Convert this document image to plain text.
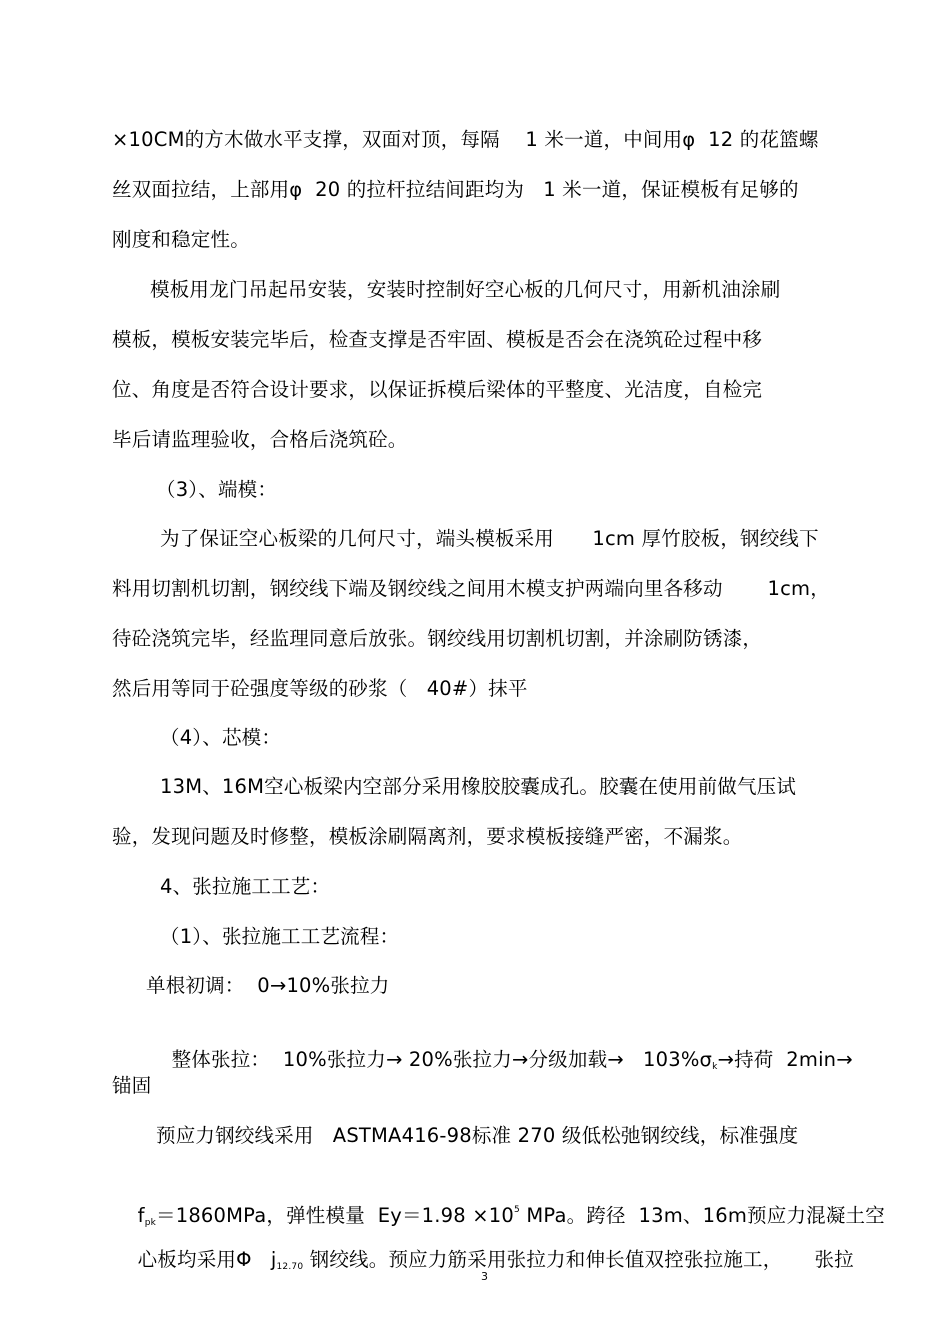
×10CM的方木做水平支撑，双面对顶，每隔    1 米一道，中间用φ  12 的花篮螺
丝双面拉结，上部用φ  20 的拉杆拉结间距均为   1 米一道，保证模板有足够的
刚度和稳定性。
模板用龙门吊起吊安装，安装时控制好空心板的几何尺寸，用新机油涂刷
模板，模板安装完毕后，检查支撑是否牢固、模板是否会在浇筑砼过程中移
位、角度是否符合设计要求，以保证拆模后梁体的平整度、光洁度，自检完
毕后请监理验收，合格后浇筑砼。
（3）、端模：
为了保证空心板梁的几何尺寸，端头模板采用      1cm 厚竹胶板，钢绞线下
料用切割机切割，钢绞线下端及钢绞线之间用木模支护两端向里各移动       1cm，
待砼浇筑完毕，经监理同意后放张。钢绞线用切割机切割，并涂刷防锈漆，
然后用等同于砼强度等级的砂浆（   40#）抹平
（4）、芯模：
13M、16M空心板梁内空部分采用橡胶胶囊成孔。胶囊在使用前做气压试
验，发现问题及时修整，模板涂刷隔离剂，要求模板接缝严密，不漏浆。
4、张拉施工工艺：
（1）、张拉施工工艺流程：
单根初调：  0→10%张拉力

整体张拉：  10%张拉力→ 20%张拉力→分级加载→   $103\%\sigma_k\to$持荷  2min→

锚固
预应力钢绞线采用   ASTMA416-98标准 270 级低松弛钢绞线，标准强度

$f_{pk}=1860MPa$，弹性模量  $Ey=1.98 \times 10^5$ MPa。跨径  13m、16m预应力混凝土空

心板均采用Φ   $j_{12.70}$ 钢绞线。预应力筋采用张拉力和伸长值双控张拉施工，     张拉

3
